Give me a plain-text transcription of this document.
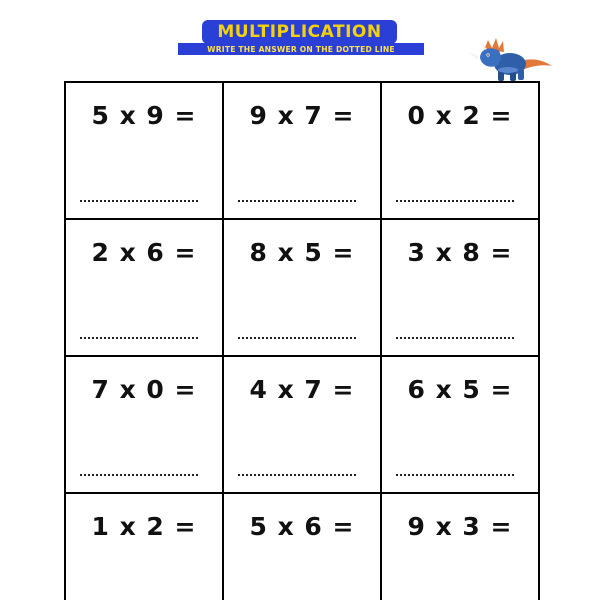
MULTIPLICATION
WRITE THE ANSWER ON THE DOTTED LINE
5 x 9 =	9 x 7 =	0 x 2 =
2 x 6 =	8 x 5 =	3 x 8 =
7 x 0 =	4 x 7 =	6 x 5 =
1 x 2 =	5 x 6 =	9 x 3 =
